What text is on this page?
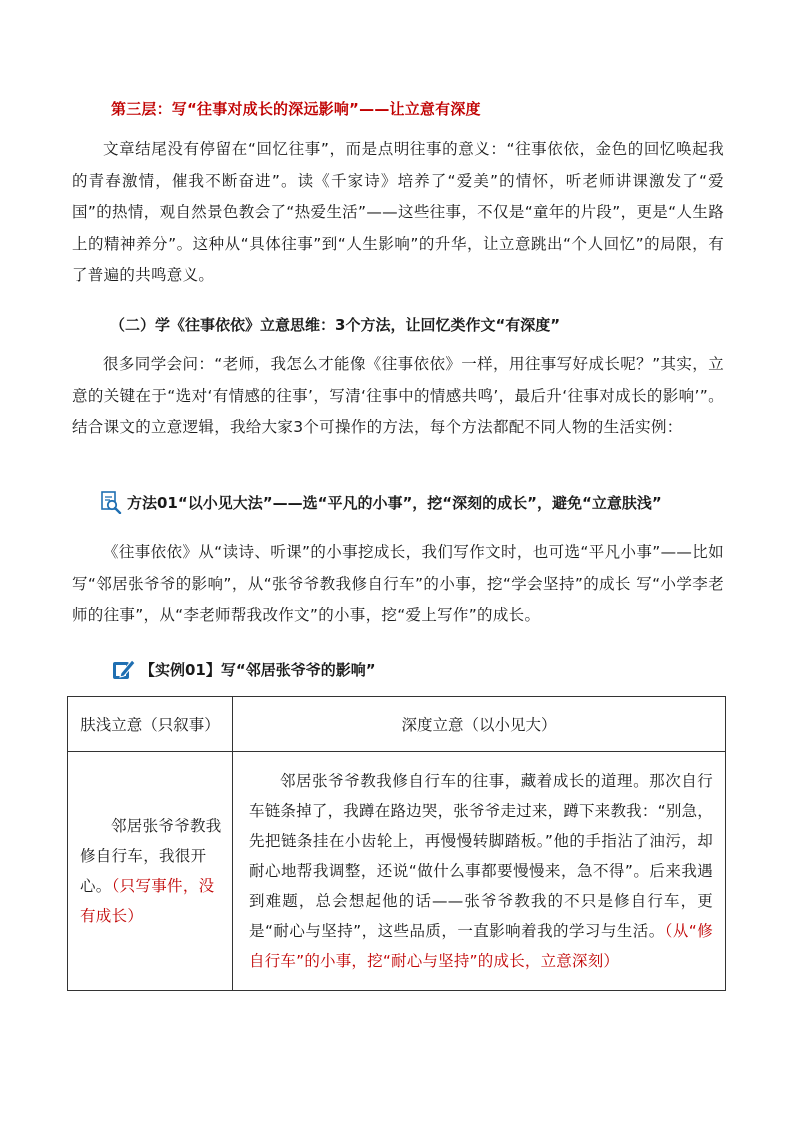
第三层：写“往事对成长的深远影响”——让立意有深度

文章结尾没有停留在“回忆往事”，而是点明往事的意义：“往事依依，金色的回忆唤起我的青春激情，催我不断奋进”。读《千家诗》培养了“爱美”的情怀，听老师讲课激发了“爱国”的热情，观自然景色教会了“热爱生活”——这些往事，不仅是“童年的片段”，更是“人生路上的精神养分”。这种从“具体往事”到“人生影响”的升华，让立意跳出“个人回忆”的局限，有了普遍的共鸣意义。

（二）学《往事依依》立意思维：3个方法，让回忆类作文“有深度”

很多同学会问：“老师，我怎么才能像《往事依依》一样，用往事写好成长呢？”其实，立意的关键在于“选对‘有情感的往事’，写清‘往事中的情感共鸣’，最后升‘往事对成长的影响’”。结合课文的立意逻辑，我给大家3个可操作的方法，每个方法都配不同人物的生活实例：

方法01“以小见大法”——选“平凡的小事”，挖“深刻的成长”，避免“立意肤浅”

《往事依依》从“读诗、听课”的小事挖成长，我们写作文时，也可选“平凡小事”——比如写“邻居张爷爷的影响”，从“张爷爷教我修自行车”的小事，挖“学会坚持”的成长 写“小学李老师的往事”，从“李老师帮我改作文”的小事，挖“爱上写作”的成长。

【实例01】写“邻居张爷爷的影响”
肤浅立意（只叙事）	深度立意（以小见大）

邻居张爷爷教我修自行车，我很开心。（只写事件，没有成长）	邻居张爷爷教我修自行车的往事，藏着成长的道理。那次自行车链条掉了，我蹲在路边哭，张爷爷走过来，蹲下来教我：“别急，先把链条挂在小齿轮上，再慢慢转脚踏板。”他的手指沾了油污，却耐心地帮我调整，还说“做什么事都要慢慢来，急不得”。后来我遇到难题，总会想起他的话——张爷爷教我的不只是修自行车，更是“耐心与坚持”，这些品质，一直影响着我的学习与生活。（从“修自行车”的小事，挖“耐心与坚持”的成长，立意深刻）
